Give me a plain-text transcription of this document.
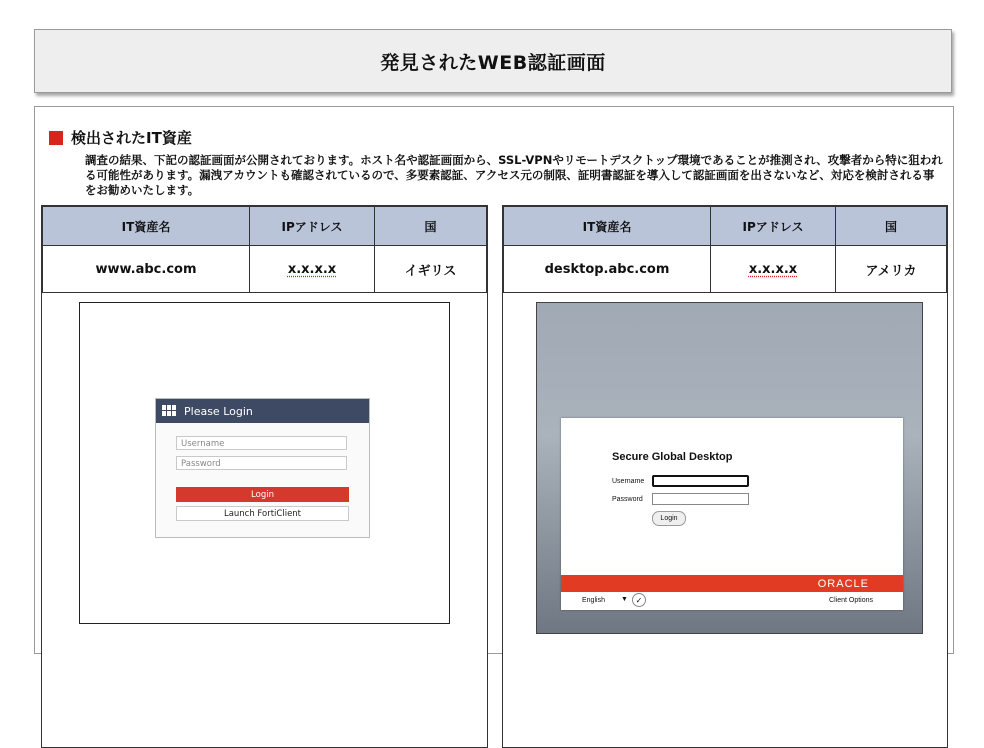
発見されたWEB認証画面
検出されたIT資産
調査の結果、下記の認証画面が公開されております。ホスト名や認証画面から、SSL-VPNやリモートデスクトップ環境であることが推測され、攻撃者から特に狙われる可能性があります。漏洩アカウントも確認されているので、多要素認証、アクセス元の制限、証明書認証を導入して認証画面を出さないなど、対応を検討される事をお勧めいたします。
IT資産名	IPアドレス	国
www.abc.com	x.x.x.x	イギリス
Please Login
Username
Password
Login
Launch FortiClient
IT資産名	IPアドレス	国
desktop.abc.com	x.x.x.x	アメリカ
Secure Global Desktop
Username
Password
Login
ORACLE
English ▼ ✓	Client Options
